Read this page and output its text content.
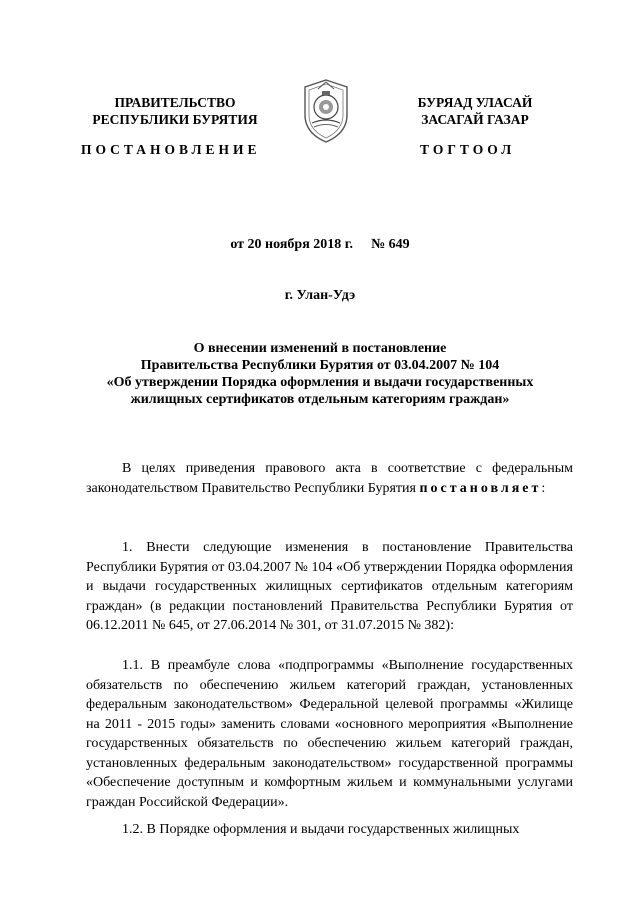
ПРАВИТЕЛЬСТВО
РЕСПУБЛИКИ БУРЯТИЯ
БУРЯАД УЛАСАЙ
ЗАСАГАЙ ГАЗАР
ПОСТАНОВЛЕНИЕ	ТОГТООЛ
от 20 ноября 2018 г. № 649
г. Улан-Удэ
О внесении изменений в постановление
Правительства Республики Бурятия от 03.04.2007 № 104
«Об утверждении Порядка оформления и выдачи государственных
жилищных сертификатов отдельным категориям граждан»

В целях приведения правового акта в соответствие с федеральным законодательством Правительство Республики Бурятия постановляет:

1. Внести следующие изменения в постановление Правительства Республики Бурятия от 03.04.2007 № 104 «Об утверждении Порядка оформления и выдачи государственных жилищных сертификатов отдельным категориям граждан» (в редакции постановлений Правительства Республики Бурятия от 06.12.2011 № 645, от 27.06.2014 № 301, от 31.07.2015 № 382):

1.1. В преамбуле слова «подпрограммы «Выполнение государственных обязательств по обеспечению жильем категорий граждан, установленных федеральным законодательством» Федеральной целевой программы «Жилище на 2011 - 2015 годы» заменить словами «основного мероприятия «Выполнение государственных обязательств по обеспечению жильем категорий граждан, установленных федеральным законодательством» государственной программы «Обеспечение доступным и комфортным жильем и коммунальными услугами граждан Российской Федерации».

1.2. В Порядке оформления и выдачи государственных жилищных
